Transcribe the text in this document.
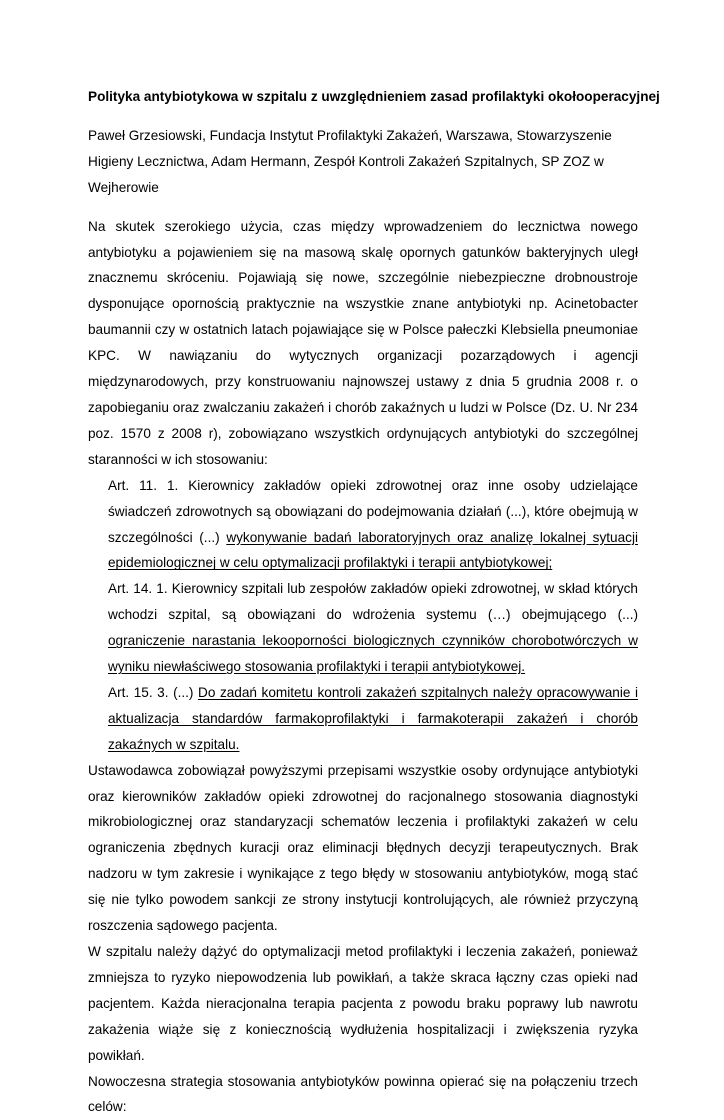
Polityka antybiotykowa w szpitalu z uwzględnieniem zasad profilaktyki okołooperacyjnej

Paweł Grzesiowski, Fundacja Instytut Profilaktyki Zakażeń, Warszawa, Stowarzyszenie Higieny Lecznictwa, Adam Hermann, Zespół Kontroli Zakażeń Szpitalnych, SP ZOZ w Wejherowie

Na skutek szerokiego użycia, czas między wprowadzeniem do lecznictwa nowego antybiotyku a pojawieniem się na masową skalę opornych gatunków bakteryjnych uległ znacznemu skróceniu. Pojawiają się nowe, szczególnie niebezpieczne drobnoustroje dysponujące opornością praktycznie na wszystkie znane antybiotyki np. Acinetobacter baumannii czy w ostatnich latach pojawiające się w Polsce pałeczki Klebsiella pneumoniae KPC. W nawiązaniu do wytycznych organizacji pozarządowych i agencji międzynarodowych, przy konstruowaniu najnowszej ustawy z dnia 5 grudnia 2008 r. o zapobieganiu oraz zwalczaniu zakażeń i chorób zakaźnych u ludzi w Polsce (Dz. U. Nr 234 poz. 1570 z 2008 r), zobowiązano wszystkich ordynujących antybiotyki do szczególnej staranności w ich stosowaniu:

Art. 11. 1. Kierownicy zakładów opieki zdrowotnej oraz inne osoby udzielające świadczeń zdrowotnych są obowiązani do podejmowania działań (...), które obejmują w szczególności (...) wykonywanie badań laboratoryjnych oraz analizę lokalnej sytuacji epidemiologicznej w celu optymalizacji profilaktyki i terapii antybiotykowej;

Art. 14. 1. Kierownicy szpitali lub zespołów zakładów opieki zdrowotnej, w skład których wchodzi szpital, są obowiązani do wdrożenia systemu (…) obejmującego (...) ograniczenie narastania lekooporności biologicznych czynników chorobotwórczych w wyniku niewłaściwego stosowania profilaktyki i terapii antybiotykowej.

Art. 15. 3. (...) Do zadań komitetu kontroli zakażeń szpitalnych należy opracowywanie i aktualizacja standardów farmakoprofilaktyki i farmakoterapii zakażeń i chorób zakaźnych w szpitalu.

Ustawodawca zobowiązał powyższymi przepisami wszystkie osoby ordynujące antybiotyki oraz kierowników zakładów opieki zdrowotnej do racjonalnego stosowania diagnostyki mikrobiologicznej oraz standaryzacji schematów leczenia i profilaktyki zakażeń w celu ograniczenia zbędnych kuracji oraz eliminacji błędnych decyzji terapeutycznych. Brak nadzoru w tym zakresie i wynikające z tego błędy w stosowaniu antybiotyków, mogą stać się nie tylko powodem sankcji ze strony instytucji kontrolujących, ale również przyczyną roszczenia sądowego pacjenta.

W szpitalu należy dążyć do optymalizacji metod profilaktyki i leczenia zakażeń, ponieważ zmniejsza to ryzyko niepowodzenia lub powikłań, a także skraca łączny czas opieki nad pacjentem. Każda nieracjonalna terapia pacjenta z powodu braku poprawy lub nawrotu zakażenia wiąże się z koniecznością wydłużenia hospitalizacji i zwiększenia ryzyka powikłań.

Nowoczesna strategia stosowania antybiotyków powinna opierać się na połączeniu trzech celów:
